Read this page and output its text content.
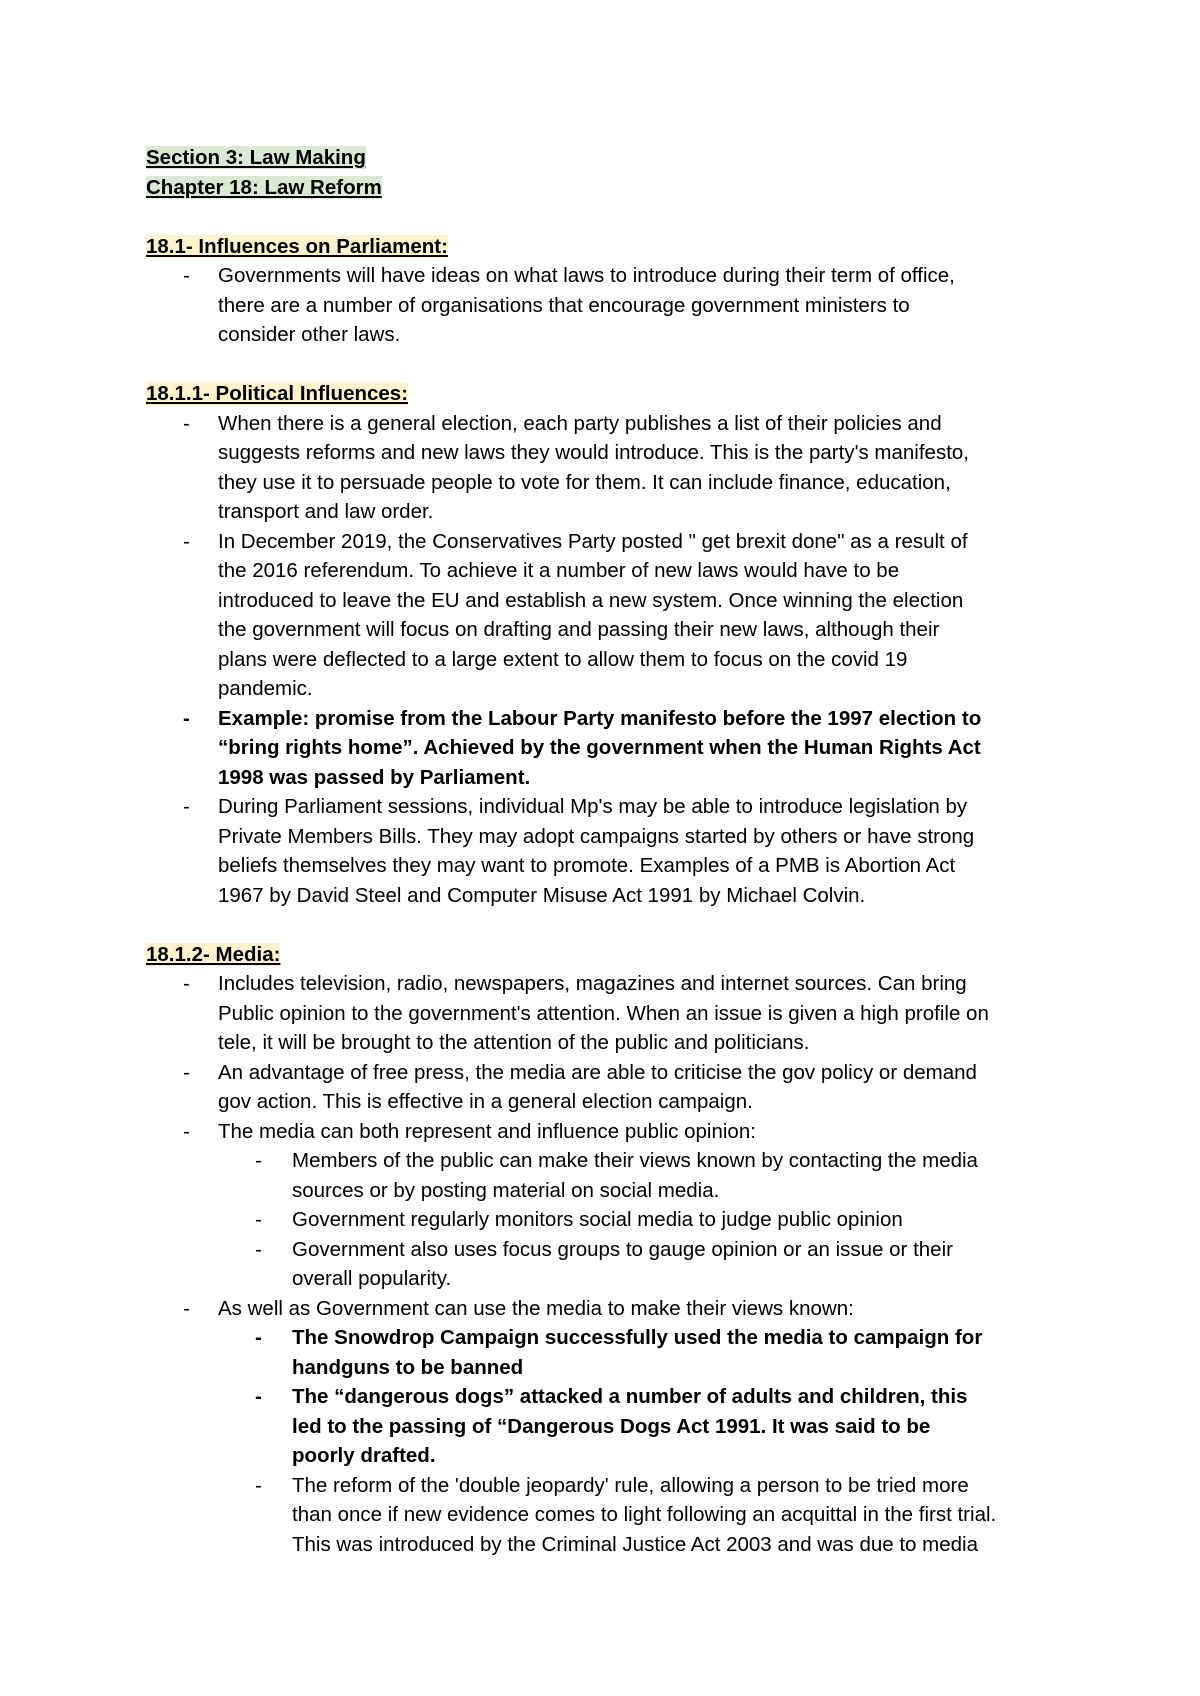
Section 3: Law Making
Chapter 18: Law Reform
18.1- Influences on Parliament:
- Governments will have ideas on what laws to introduce during their term of office,
there are a number of organisations that encourage government ministers to
consider other laws.
18.1.1- Political Influences:
- When there is a general election, each party publishes a list of their policies and
suggests reforms and new laws they would introduce. This is the party's manifesto,
they use it to persuade people to vote for them. It can include finance, education,
transport and law order.
- In December 2019, the Conservatives Party posted " get brexit done" as a result of
the 2016 referendum. To achieve it a number of new laws would have to be
introduced to leave the EU and establish a new system. Once winning the election
the government will focus on drafting and passing their new laws, although their
plans were deflected to a large extent to allow them to focus on the covid 19
pandemic.
- Example: promise from the Labour Party manifesto before the 1997 election to
“bring rights home”. Achieved by the government when the Human Rights Act
1998 was passed by Parliament.
- During Parliament sessions, individual Mp's may be able to introduce legislation by
Private Members Bills. They may adopt campaigns started by others or have strong
beliefs themselves they may want to promote. Examples of a PMB is Abortion Act
1967 by David Steel and Computer Misuse Act 1991 by Michael Colvin.
18.1.2- Media:
- Includes television, radio, newspapers, magazines and internet sources. Can bring
Public opinion to the government's attention. When an issue is given a high profile on
tele, it will be brought to the attention of the public and politicians.
- An advantage of free press, the media are able to criticise the gov policy or demand
gov action. This is effective in a general election campaign.
- The media can both represent and influence public opinion:
- Members of the public can make their views known by contacting the media
sources or by posting material on social media.
- Government regularly monitors social media to judge public opinion
- Government also uses focus groups to gauge opinion or an issue or their
overall popularity.
- As well as Government can use the media to make their views known:
- The Snowdrop Campaign successfully used the media to campaign for
handguns to be banned
- The “dangerous dogs” attacked a number of adults and children, this
led to the passing of “Dangerous Dogs Act 1991. It was said to be
poorly drafted.
- The reform of the 'double jeopardy' rule, allowing a person to be tried more
than once if new evidence comes to light following an acquittal in the first trial.
This was introduced by the Criminal Justice Act 2003 and was due to media
